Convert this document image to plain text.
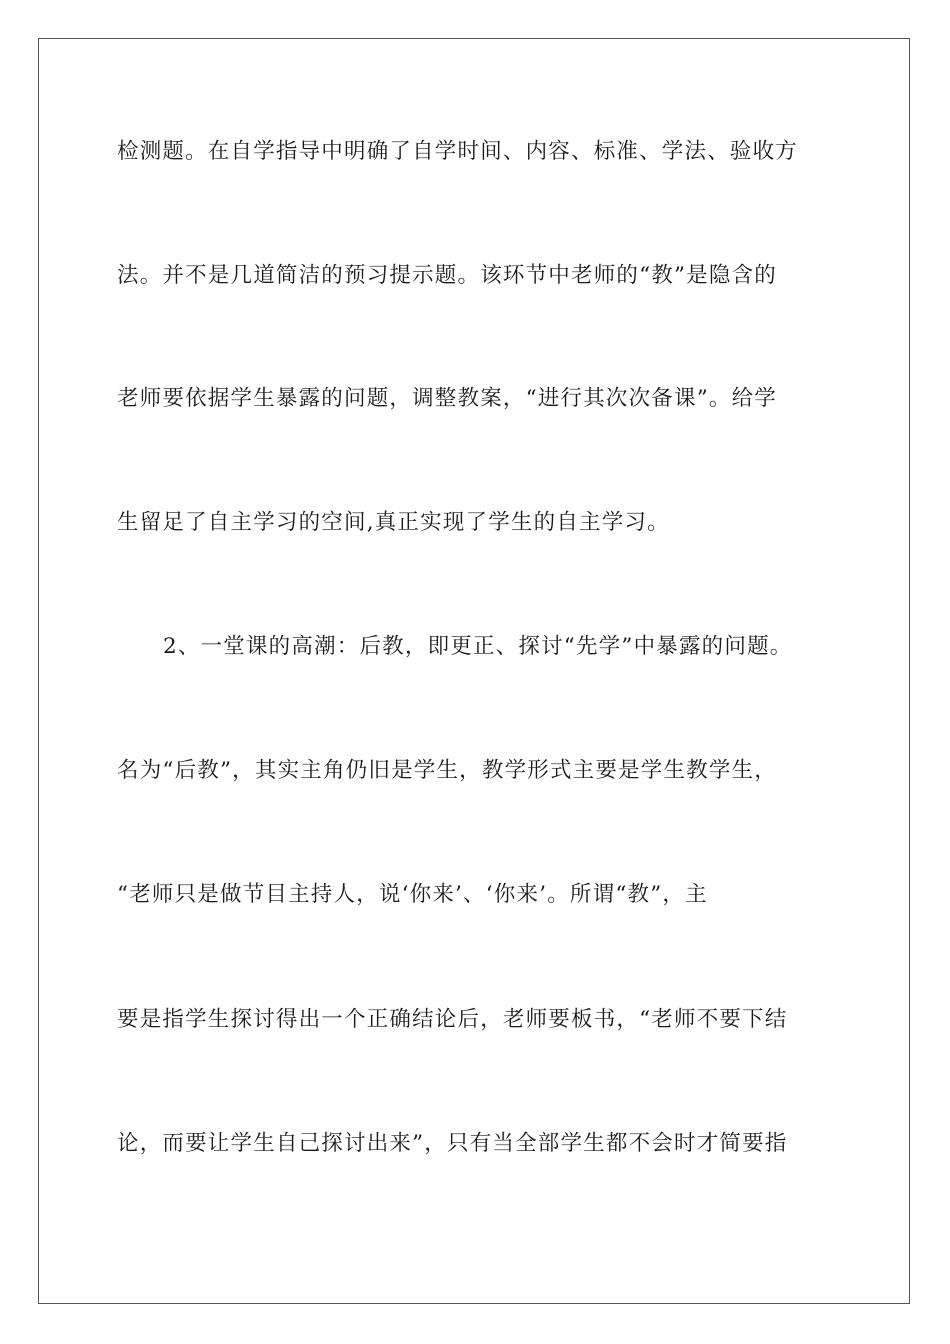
检测题。在自学指导中明确了自学时间、内容、标准、学法、验收方
法。并不是几道简洁的预习提示题。该环节中老师的“教”是隐含的
老师要依据学生暴露的问题，调整教案，“进行其次次备课”。给学
生留足了自主学习的空间,真正实现了学生的自主学习。
2、一堂课的高潮：后教，即更正、探讨“先学”中暴露的问题。
名为“后教”，其实主角仍旧是学生，教学形式主要是学生教学生，
“老师只是做节目主持人，说‘你来’、‘你来’。所谓“教”，主
要是指学生探讨得出一个正确结论后，老师要板书，“老师不要下结
论，而要让学生自己探讨出来”，只有当全部学生都不会时才简要指
